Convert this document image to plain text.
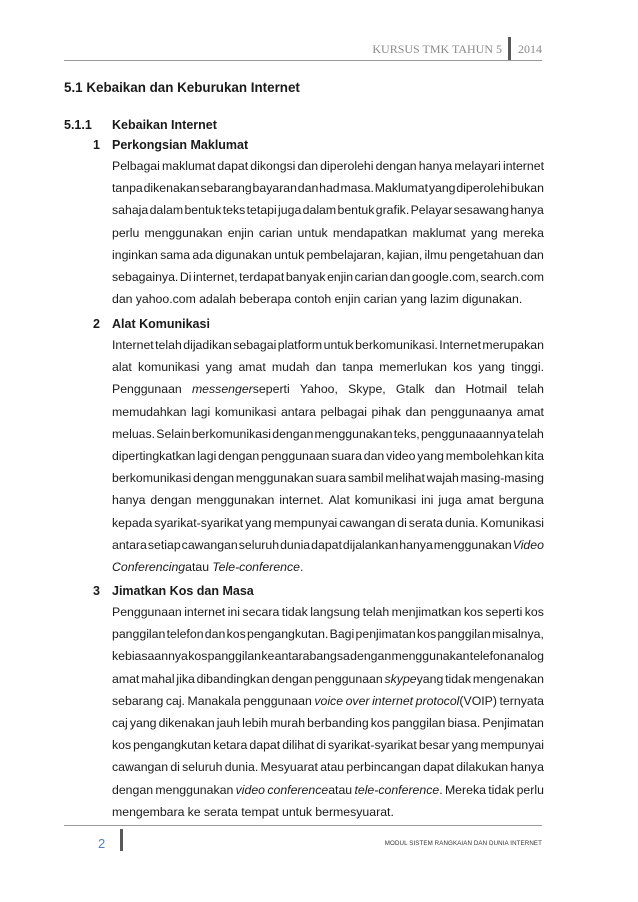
KURSUS TMK TAHUN 5	2014
5.1 Kebaikan dan Keburukan Internet
5.1.1	Kebaikan Internet
1 Perkongsian Maklumat
Pelbagai maklumat dapat dikongsi dan diperolehi dengan hanya melayari internet
tanpa dikenakan sebarang bayaran dan had masa. Maklumat yang diperolehi bukan
sahaja dalam bentuk teks tetapi juga dalam bentuk grafik. Pelayar sesawang hanya
perlu menggunakan enjin carian untuk mendapatkan maklumat yang mereka
inginkan sama ada digunakan untuk pembelajaran, kajian, ilmu pengetahuan dan
sebagainya. Di internet, terdapat banyak enjin carian dan google.com, search.com
dan yahoo.com adalah beberapa contoh enjin carian yang lazim digunakan.
2 Alat Komunikasi
Internet telah dijadikan sebagai platform untuk berkomunikasi. Internet merupakan
alat komunikasi yang amat mudah dan tanpa memerlukan kos yang tinggi.
Penggunaan messengerseperti Yahoo, Skype, Gtalk dan Hotmail telah
memudahkan lagi komunikasi antara pelbagai pihak dan penggunaanya amat
meluas. Selain berkomunikasi dengan menggunakan teks, penggunaaannya telah
dipertingkatkan lagi dengan penggunaan suara dan video yang membolehkan kita
berkomunikasi dengan menggunakan suara sambil melihat wajah masing-masing
hanya dengan menggunakan internet. Alat komunikasi ini juga amat berguna
kepada syarikat-syarikat yang mempunyai cawangan di serata dunia. Komunikasi
antara setiap cawangan seluruh dunia dapat dijalankan hanya menggunakan Video
Conferencingatau Tele-conference.
3 Jimatkan Kos dan Masa
Penggunaan internet ini secara tidak langsung telah menjimatkan kos seperti kos
panggilan telefon dan kos pengangkutan. Bagi penjimatan kos panggilan misalnya,
kebiasaannya kos panggilan ke antarabangsa dengan menggunakan telefon analog
amat mahal jika dibandingkan dengan penggunaan skypeyang tidak mengenakan
sebarang caj. Manakala penggunaan voice over internet protocol(VOIP) ternyata
caj yang dikenakan jauh lebih murah berbanding kos panggilan biasa. Penjimatan
kos pengangkutan ketara dapat dilihat di syarikat-syarikat besar yang mempunyai
cawangan di seluruh dunia. Mesyuarat atau perbincangan dapat dilakukan hanya
dengan menggunakan video conferenceatau tele-conference. Mereka tidak perlu
mengembara ke serata tempat untuk bermesyuarat.
2	MODUL SISTEM RANGKAIAN DAN DUNIA INTERNET
